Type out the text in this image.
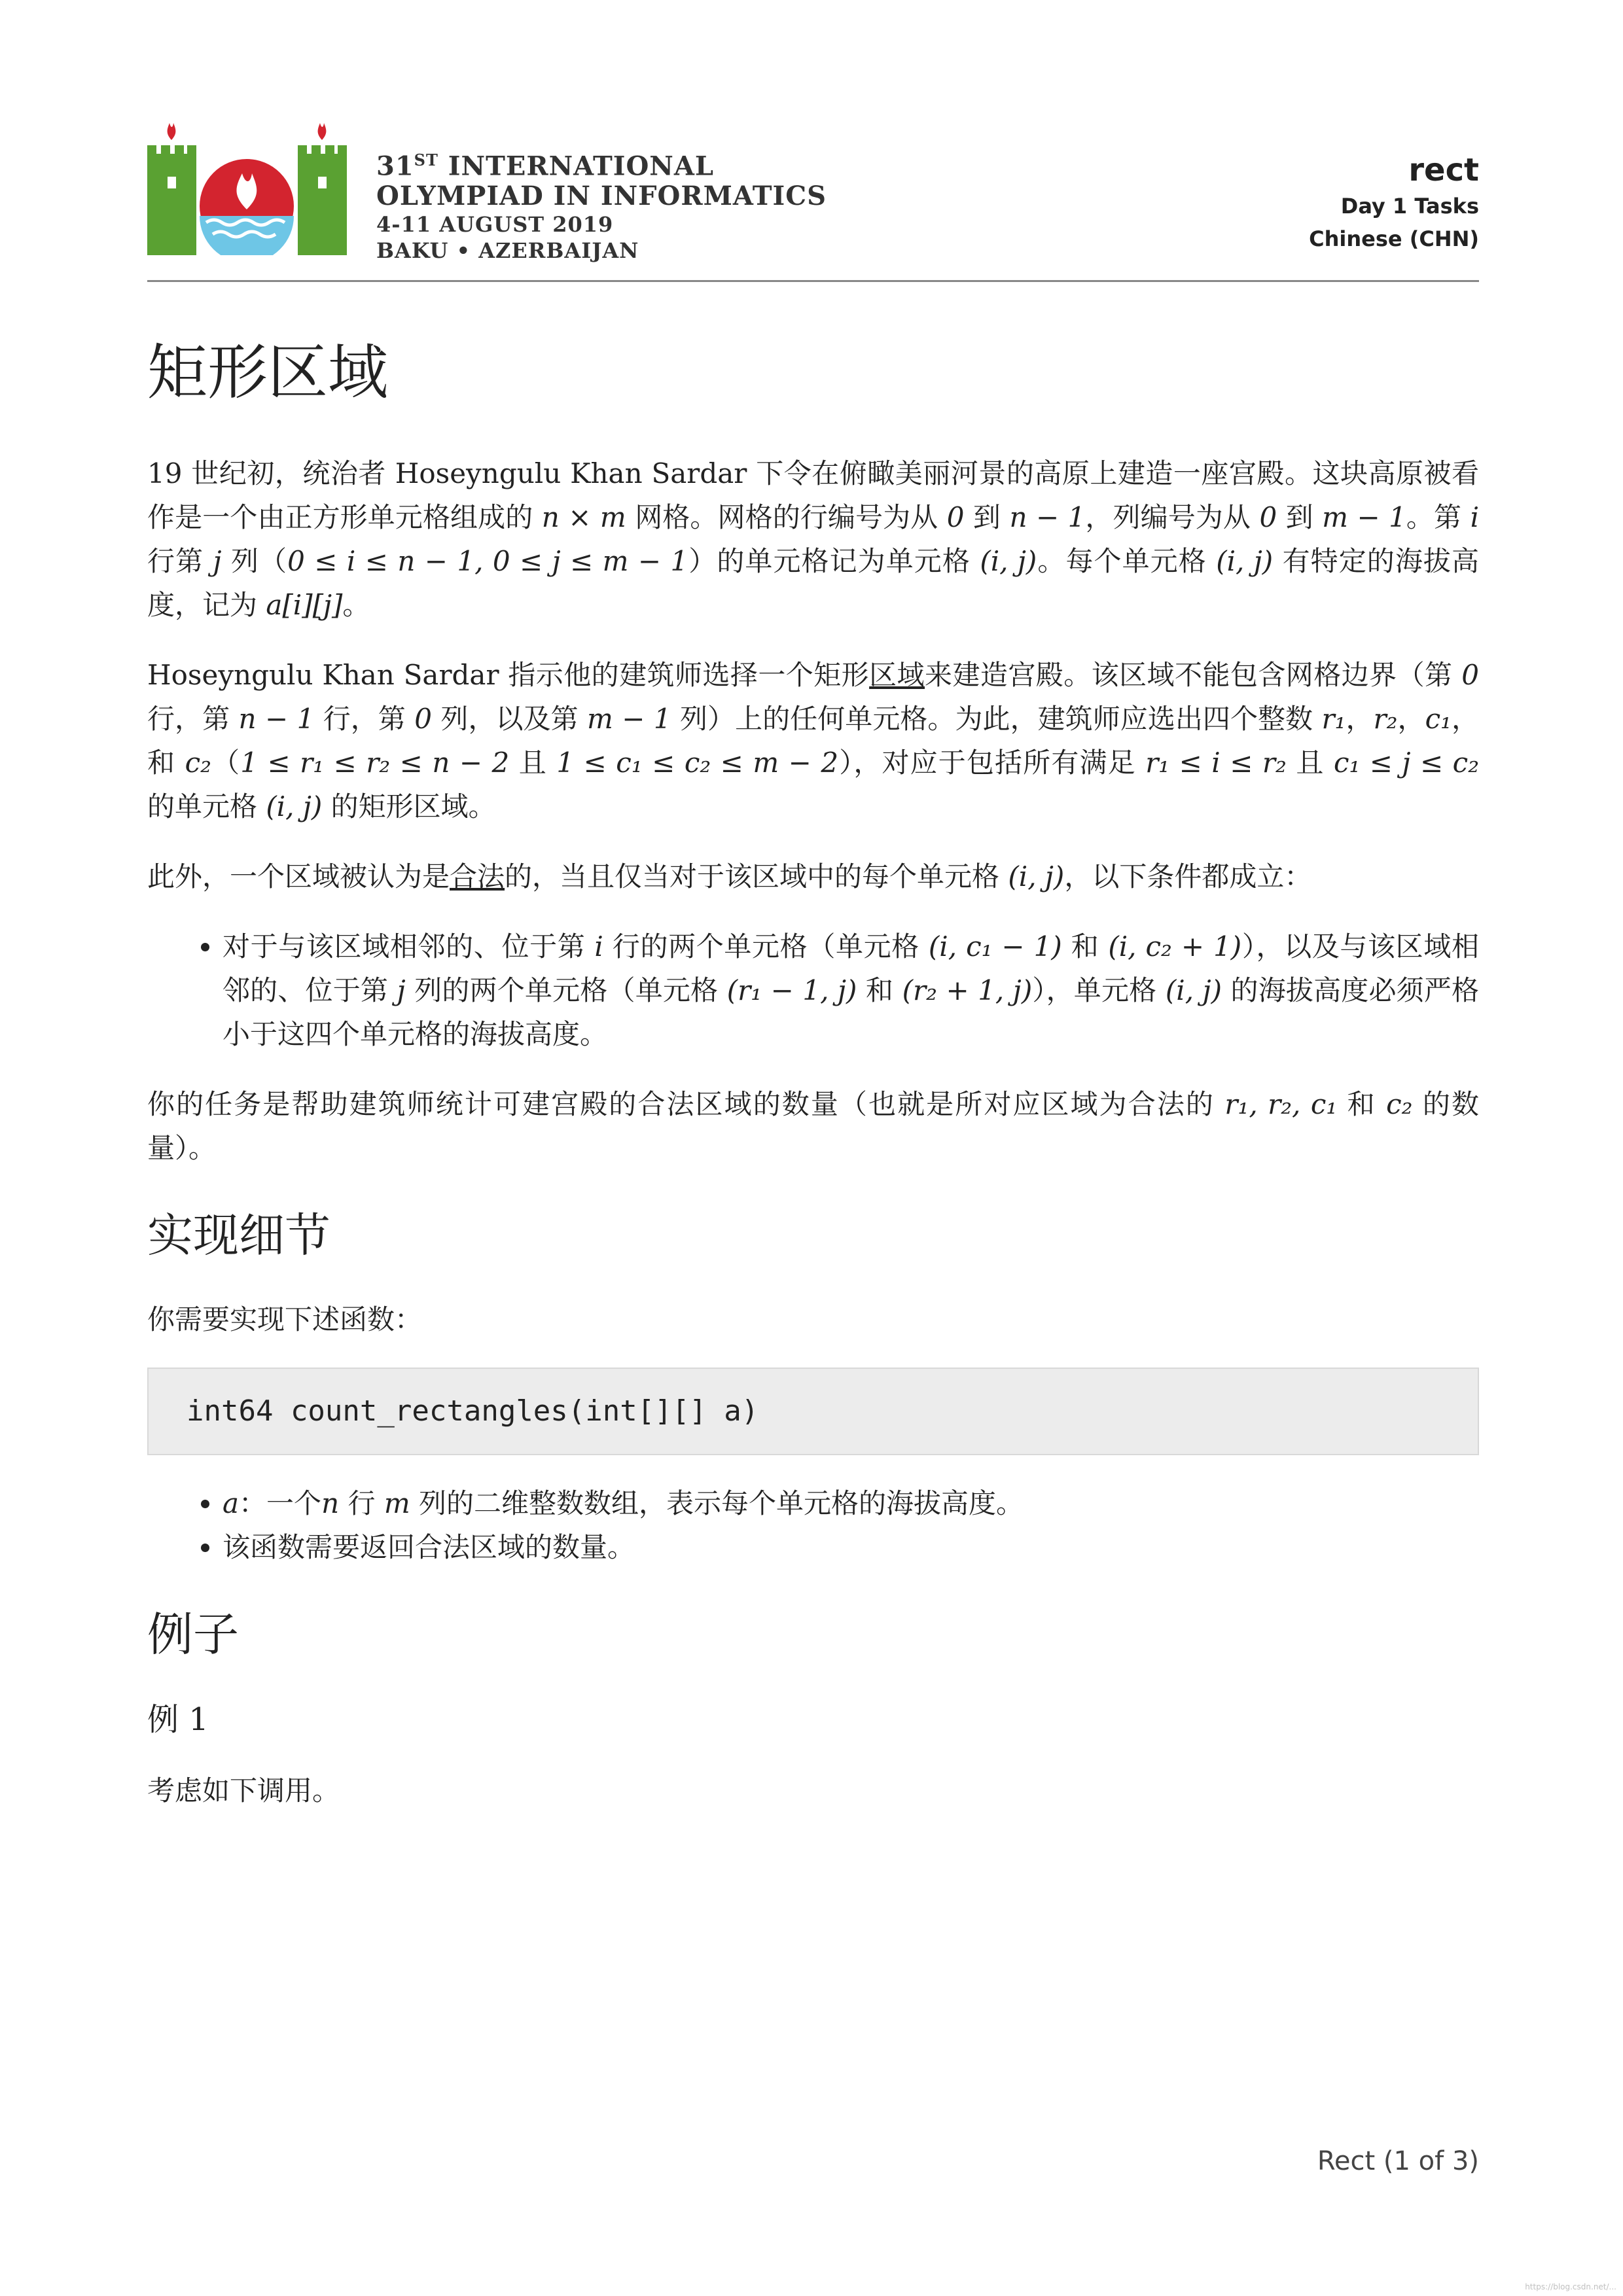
31ST INTERNATIONAL
OLYMPIAD IN INFORMATICS
4-11 AUGUST 2019
BAKU • AZERBAIJAN
rect
Day 1 Tasks
Chinese (CHN)
矩形区域

19 世纪初，统治者 Hoseyngulu Khan Sardar 下令在俯瞰美丽河景的高原上建造一座宫殿。这块高原被看作是一个由正方形单元格组成的 n × m 网格。网格的行编号为从 0 到 n − 1，列编号为从 0 到 m − 1。第 i 行第 j 列（0 ≤ i ≤ n − 1, 0 ≤ j ≤ m − 1）的单元格记为单元格 (i, j)。每个单元格 (i, j) 有特定的海拔高度，记为 a[i][j]。

Hoseyngulu Khan Sardar 指示他的建筑师选择一个矩形区域来建造宫殿。该区域不能包含网格边界（第 0 行，第 n − 1 行，第 0 列，以及第 m − 1 列）上的任何单元格。为此，建筑师应选出四个整数 r₁，r₂，c₁，和 c₂（1 ≤ r₁ ≤ r₂ ≤ n − 2 且 1 ≤ c₁ ≤ c₂ ≤ m − 2），对应于包括所有满足 r₁ ≤ i ≤ r₂ 且 c₁ ≤ j ≤ c₂ 的单元格 (i, j) 的矩形区域。

此外，一个区域被认为是合法的，当且仅当对于该区域中的每个单元格 (i, j)，以下条件都成立：

• 对于与该区域相邻的、位于第 i 行的两个单元格（单元格 (i, c₁ − 1) 和 (i, c₂ + 1)），以及与该区域相邻的、位于第 j 列的两个单元格（单元格 (r₁ − 1, j) 和 (r₂ + 1, j)），单元格 (i, j) 的海拔高度必须严格小于这四个单元格的海拔高度。

你的任务是帮助建筑师统计可建宫殿的合法区域的数量（也就是所对应区域为合法的 r₁, r₂, c₁ 和 c₂ 的数量）。

实现细节

你需要实现下述函数：

int64 count_rectangles(int[][] a)
• a：一个n 行 m 列的二维整数数组，表示每个单元格的海拔高度。
• 该函数需要返回合法区域的数量。
例子
例 1

考虑如下调用。

Rect (1 of 3)
https://blog.csdn.net/...
